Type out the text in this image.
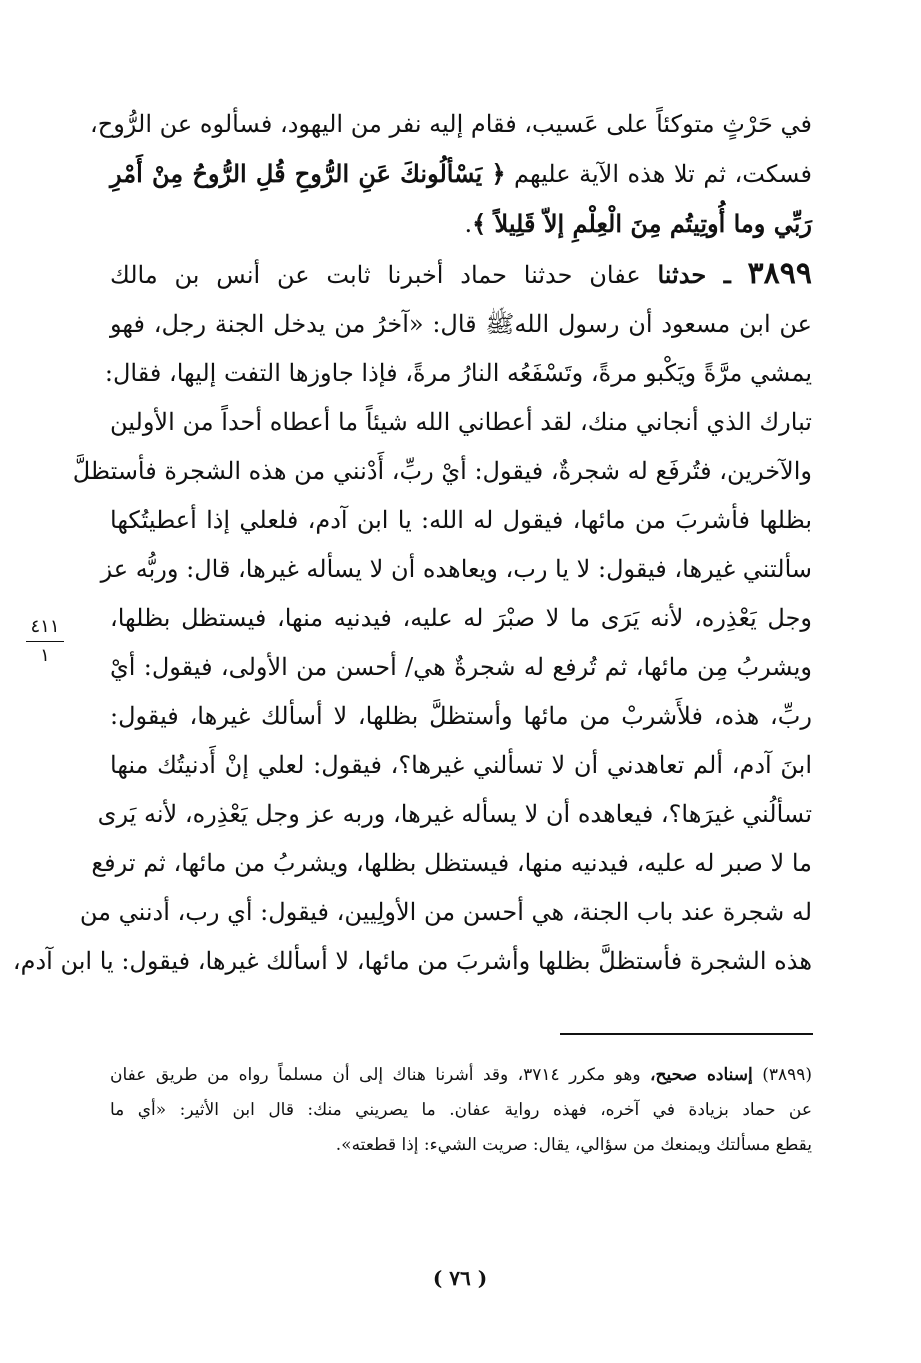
في حَرْثٍ متوكئاً على عَسيب، فقام إليه نفر من اليهود، فسألوه عن الرُّوح،
فسكت، ثم تلا هذه الآية عليهم ﴿ يَسْألُونكَ عَنِ الرُّوحِ قُلِ الرُّوحُ مِنْ أَمْرِ
رَبِّي وما أُوتِيتُم مِنَ الْعِلْمِ إلاّ قَلِيلاً ﴾.

٣٨٩٩ ـ حدثنا عفان حدثنا حماد أخبرنا ثابت عن أنس بن مالك
عن ابن مسعود أن رسول اللهﷺ قال: «آخرُ من يدخل الجنة رجل، فهو
يمشي مرَّةً ويَكْبو مرةً، وتَسْفَعُه النارُ مرةً، فإذا جاوزها التفت إليها، فقال:
تبارك الذي أنجاني منك، لقد أعطاني الله شيئاً ما أعطاه أحداً من الأولين
والآخرين، فتُرفَع له شجرةٌ، فيقول: أيْ ربِّ، أَدْنني من هذه الشجرة فأستظلَّ
بظلها فأشربَ من مائها، فيقول له الله: يا ابن آدم، فلعلي إذا أعطيتُكها
سألتني غيرها، فيقول: لا يا رب، ويعاهده أن لا يسأله غيرها، قال: وربُّه عز
وجل يَعْذِره، لأنه يَرَى ما لا صبْرَ له عليه، فيدنيه منها، فيستظل بظلها،
ويشربُ مِن مائها، ثم تُرفع له شجرةٌ هي/ أحسن من الأولى، فيقول: أيْ
ربِّ، هذه، فلأَشربْ من مائها وأستظلَّ بظلها، لا أسألك غيرها، فيقول:
ابنَ آدم، ألم تعاهدني أن لا تسألني غيرها؟، فيقول: لعلي إنْ أَدنيتُك منها
تسألُني غيرَها؟، فيعاهده أن لا يسأله غيرها، وربه عز وجل يَعْذِره، لأنه يَرى
ما لا صبر له عليه، فيدنيه منها، فيستظل بظلها، ويشربُ من مائها، ثم ترفع
له شجرة عند باب الجنة، هي أحسن من الأولِيين، فيقول: أي رب، أدنني من
هذه الشجرة فأستظلَّ بظلها وأشربَ من مائها، لا أسألك غيرها، فيقول: يا ابن آدم،

٤١١
١
(٣٨٩٩) إسناده صحيح، وهو مكرر ٣٧١٤، وقد أشرنا هناك إلى أن مسلماً رواه من طريق عفان
عن حماد بزيادة في آخره، فهذه رواية عفان. ما يصريني منك: قال ابن الأثير: «أي ما
يقطع مسألتك ويمنعك من سؤالي، يقال: صريت الشيء: إذا قطعته».
( ٧٦ )
